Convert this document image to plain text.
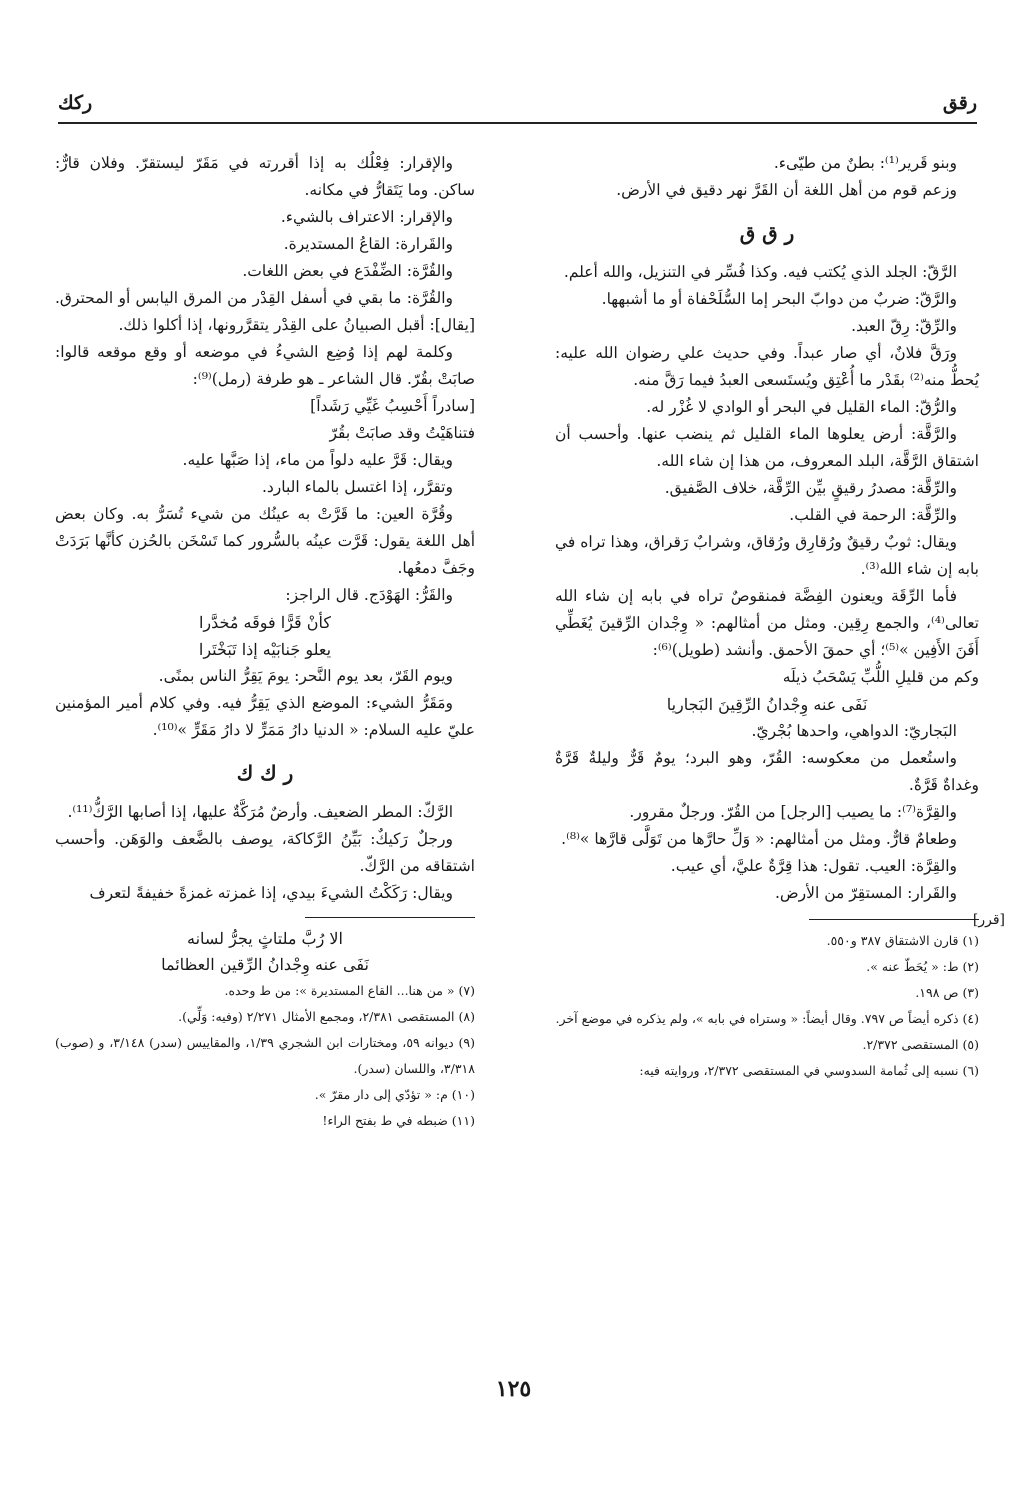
رقق
ركك

وبنو قَرير⁽¹⁾: بطنٌ من طيّىء.

وزعم قوم من أهل اللغة أن القَرَّ نهر دقيق في الأرض.

ر ق ق

الرَّقّ: الجلد الذي يُكتب فيه. وكذا فُسِّر في التنزيل، والله أعلم.

والرَّقّ: ضربٌ من دوابّ البحر إما السُّلَحْفاة أو ما أشبهها.

والرِّقّ: رِقّ العبد.

ورَقَّ فلانٌ، أي صار عبداً. وفي حديث علي رضوان الله عليه: يُحطُّ منه⁽²⁾ بقَدْر ما أُعْتِق ويُستَسعى العبدُ فيما رَقَّ منه.

والرُّقّ: الماء القليل في البحر أو الوادي لا غُزْر له.

والرَّقَّة: أرض يعلوها الماء القليل ثم ينضب عنها. وأحسب أن اشتقاق الرَّقَّة، البلد المعروف، من هذا إن شاء الله.

والرِّقَّة: مصدرُ رقيقٍ بيِّن الرِّقَّة، خلاف الصَّفيق.

والرِّقَّة: الرحمة في القلب.

ويقال: ثوبٌ رقيقٌ ورُقارِق ورُقاق، وشرابٌ رَقراق، وهذا تراه في بابه إن شاء الله⁽³⁾.

فأما الرِّقَة ويعنون الفِضَّة فمنقوصٌ تراه في بابه إن شاء الله تعالى⁽⁴⁾، والجمع رِقِين. ومثل من أمثالهم: « وِجْدان الرِّقينَ يُغَطِّي أَفَنَ الأَفِين »⁽⁵⁾؛ أي حمقَ الأحمق. وأنشد (طويل)⁽⁶⁾:

وكم من قليلِ اللُّبِّ يَسْحَبُ ذيلَه

نَفَى عنه وِجْدانُ الرِّقِينَ البَجاريا

البَجاريّ: الدواهي، واحدها بُجْريّ.

واستُعمل من معكوسه: القُرّ، وهو البرد؛ يومٌ قَرٌّ وليلةٌ قَرَّةٌ وغداةٌ قَرَّةٌ.

والقِرَّة⁽⁷⁾: ما يصيب [الرجل] من القُرّ. ورجلٌ مقرور.

وطعامٌ قارٌّ. ومثل من أمثالهم: « وَلِّ حارَّها من تَوَلَّى قارَّها »⁽⁸⁾.

والقِرَّة: العيب. تقول: هذا قِرَّةٌ عليَّ، أي عيب.

والقَرار: المستقِرّ من الأرض.

(١) قارن الاشتقاق ٣٨٧ و٥٥٠.

(٢) ط: « يُحَطّ عنه ».

(٣) ص ١٩٨.

(٤) ذكره أيضاً ص ٧٩٧. وقال أيضاً: « وستراه في بابه »، ولم يذكره في موضع آخر.

(٥) المستقصى ٢/٣٧٢.

(٦) نسبه إلى ثُمامة السدوسي في المستقصى ٢/٣٧٢، وروايته فيه:

[قرر]

والإقرار: فِعْلُك به إذا أقررته في مَقَرّ ليستقرّ. وفلان قارٌّ: ساكن. وما يَتَقارُّ في مكانه.

والإقرار: الاعتراف بالشيء.

والقَرارة: القاعُ المستديرة.

والقُرَّة: الضِّفْدَع في بعض اللغات.

والقُرَّة: ما بقي في أسفل القِدْر من المرق اليابس أو المحترق. [يقال]: أقبل الصبيانُ على القِدْر يتقرَّرونها، إذا أكلوا ذلك.

وكلمة لهم إذا وُضِع الشيءُ في موضعه أو وقع موقعه قالوا: صابَتْ بقُرّ. قال الشاعر ـ هو طرفة (رمل)⁽⁹⁾:

[سادراً أَحْسِبُ غَيِّي رَشَداً]

فتناهَيْتُ وقد صابَتْ بقُرّ

ويقال: قَرَّ عليه دلواً من ماء، إذا صَبَّها عليه.

وتقرَّر، إذا اغتسل بالماء البارد.

وقُرَّة العين: ما قَرَّتْ به عينُك من شيء تُسَرُّ به. وكان بعض أهل اللغة يقول: قَرَّت عينُه بالسُّرور كما تَسْخَن بالحُزن كأنَّها بَرَدَتْ وجَفَّ دمعُها.

والقَرُّ: الهَوْدَج. قال الراجز:

كأنْ قَرًّا فوقَه مُخدَّرا

يعلو جَنابَيْه إذا تَبَخْتَرا

ويوم القَرّ، بعد يوم النَّحر: يومَ يَقِرُّ الناس بمنًى.

ومَقَرُّ الشيء: الموضع الذي يَقِرُّ فيه. وفي كلام أمير المؤمنين عليّ عليه السلام: « الدنيا دارُ مَمَرٍّ لا دارُ مَقَرٍّ »⁽¹⁰⁾.

ر ك ك

الرَّكّ: المطر الضعيف. وأرضٌ مُرَكَّةٌ عليها، إذا أصابها الرَّكُّ⁽¹¹⁾.

ورجلٌ رَكيكٌ: بَيِّنُ الرَّكاكة، يوصف بالضَّعف والوَهَن. وأحسب اشتقاقه من الرَّكّ.

ويقال: رَكَكْتُ الشيءَ بيدي، إذا غمزته غمزةً خفيفةً لتعرف

الا رُبَّ ملتاثٍ يجرُّ لسانه

نَفَى عنه وِجْدانُ الرِّقين العظائما

(٧) « من هنا... القاع المستديرة »: من ط وحده.

(٨) المستقصى ٢/٣٨١، ومجمع الأمثال ٢/٢٧١ (وفيه: وَلِّي).

(٩) ديوانه ٥٩، ومختارات ابن الشجري ١/٣٩، والمقاييس (سدر) ٣/١٤٨، و (صوب) ٣/٣١٨، واللسان (سدر).

(١٠) م: « تؤدّي إلى دار مقرّ ».

(١١) ضبطه في ط بفتح الراء!

١٢٥
